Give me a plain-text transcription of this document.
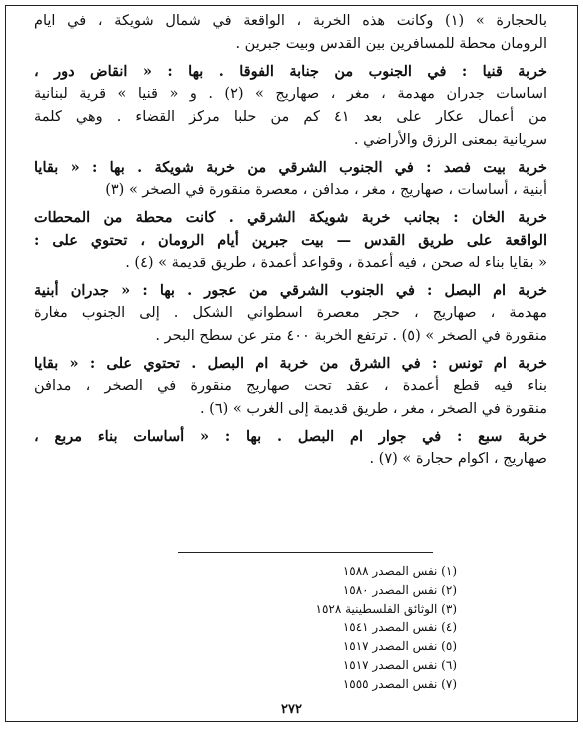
بالحجارة » (١) وكانت هذه الخربة ، الواقعة في شمال شويكة ، في ايام
الرومان محطة للمسافرين بين القدس وبيت جبرين .
خربة قنيا : في الجنوب من جنابة الفوقا . بها : « انقاض دور ،
اساسات جدران مهدمة ، مغر ، صهاريج » (٢) . و « قنيا » قرية لبنانية
من أعمال عكار على بعد ٤١ كم من حلبا مركز القضاء . وهي كلمة
سريانية بمعنى الرزق والأراضي .
خربة بيت فصد : في الجنوب الشرقي من خربة شويكة . بها : « بقايا
أبنية ، أساسات ، صهاريج ، مغر ، مدافن ، معصرة منقورة في الصخر » (٣)
خربة الخان : بجانب خربة شويكة الشرقي . كانت محطة من المحطات
الواقعة على طريق القدس — بيت جبرين أيام الرومان ، تحتوي على :
« بقايا بناء له صحن ، فيه أعمدة ، وقواعد أعمدة ، طريق قديمة » (٤) .
خربة ام البصل : في الجنوب الشرقي من عجور . بها : « جدران أبنية
مهدمة ، صهاريج ، حجر معصرة اسطواني الشكل . إلى الجنوب مغارة
منقورة في الصخر » (٥) . ترتفع الخربة ٤٠٠ متر عن سطح البحر .
خربة ام تونس : في الشرق من خربة ام البصل . تحتوي على : « بقايا
بناء فيه قطع أعمدة ، عقد تحت صهاريج منقورة في الصخر ، مدافن
منقورة في الصخر ، مغر ، طريق قديمة إلى الغرب » (٦) .
خربة سبع : في جوار ام البصل . بها : « أساسات بناء مربع ،
صهاريج ، اكوام حجارة » (٧) .
(١) نفس المصدر ١٥٨٨
(٢) نفس المصدر ١٥٨٠
(٣) الوثائق الفلسطينية ١٥٢٨
(٤) نفس المصدر ١٥٤١
(٥) نفس المصدر ١٥١٧
(٦) نفس المصدر ١٥١٧
(٧) نفس المصدر ١٥٥٥
٢٧٢
